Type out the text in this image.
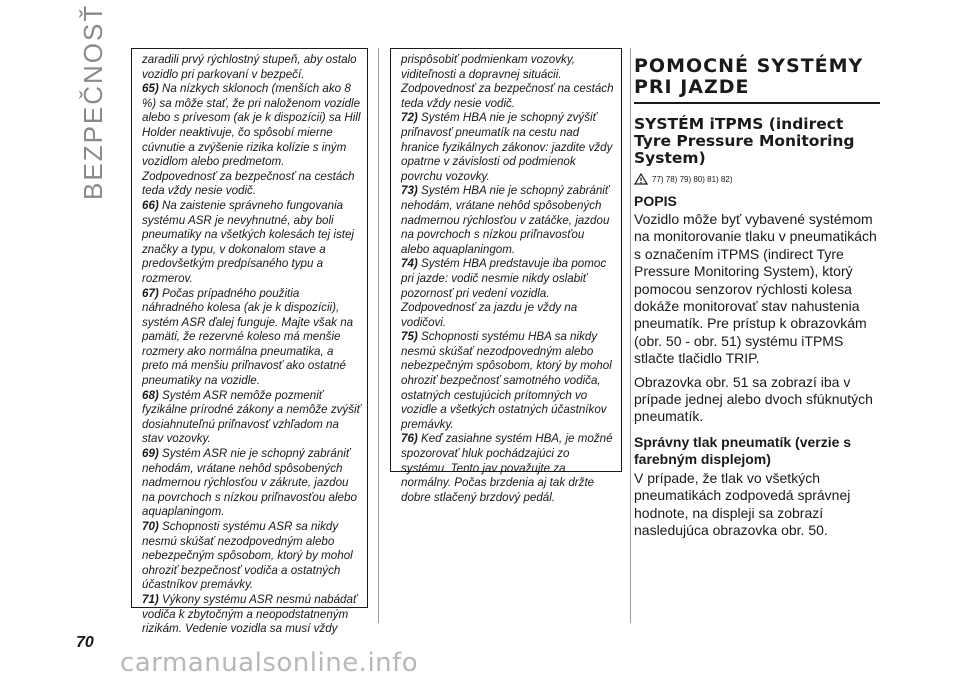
BEZPEČNOSŤ	zaradili prvý rýchlostný stupeň, aby ostalo vozidlo pri parkovaní v bezpečí.

65) Na nízkych sklonoch (menších ako 8 %) sa môže stať, že pri naloženom vozidle alebo s prívesom (ak je k dispozícii) sa Hill Holder neaktivuje, čo spôsobí mierne cúvnutie a zvýšenie rizika kolízie s iným vozidlom alebo predmetom. Zodpovednosť za bezpečnosť na cestách teda vždy nesie vodič.

66) Na zaistenie správneho fungovania systému ASR je nevyhnutné, aby boli pneumatiky na všetkých kolesách tej istej značky a typu, v dokonalom stave a predovšetkým predpísaného typu a rozmerov.

67) Počas prípadného použitia náhradného kolesa (ak je k dispozícii), systém ASR ďalej funguje. Majte však na pamäti, že rezervné koleso má menšie rozmery ako normálna pneumatika, a preto má menšiu priľnavosť ako ostatné pneumatiky na vozidle.

68) Systém ASR nemôže pozmeniť fyzikálne prírodné zákony a nemôže zvýšiť dosiahnuteľnú priľnavosť vzhľadom na stav vozovky.

69) Systém ASR nie je schopný zabrániť nehodám, vrátane nehôd spôsobených nadmernou rýchlosťou v zákrute, jazdou na povrchoch s nízkou priľnavosťou alebo aquaplaningom.

70) Schopnosti systému ASR sa nikdy nesmú skúšať nezodpovedným alebo nebezpečným spôsobom, ktorý by mohol ohroziť bezpečnosť vodiča a ostatných účastníkov premávky.

71) Výkony systému ASR nesmú nabádať vodiča k zbytočným a neopodstatneným rizikám. Vedenie vozidla sa musí vždy

prispôsobiť podmienkam vozovky, viditeľnosti a dopravnej situácii. Zodpovednosť za bezpečnosť na cestách teda vždy nesie vodič.

72) Systém HBA nie je schopný zvýšiť priľnavosť pneumatík na cestu nad hranice fyzikálnych zákonov: jazdite vždy opatrne v závislosti od podmienok povrchu vozovky.

73) Systém HBA nie je schopný zabrániť nehodám, vrátane nehôd spôsobených nadmernou rýchlosťou v zatáčke, jazdou na povrchoch s nízkou priľnavosťou alebo aquaplaningom.

74) Systém HBA predstavuje iba pomoc pri jazde: vodič nesmie nikdy oslabiť pozornosť pri vedení vozidla. Zodpovednosť za jazdu je vždy na vodičovi.

75) Schopnosti systému HBA sa nikdy nesmú skúšať nezodpovedným alebo nebezpečným spôsobom, ktorý by mohol ohroziť bezpečnosť samotného vodiča, ostatných cestujúcich prítomných vo vozidle a všetkých ostatných účastníkov premávky.

76) Keď zasiahne systém HBA, je možné spozorovať hluk pochádzajúci zo systému. Tento jav považujte za normálny. Počas brzdenia aj tak držte dobre stlačený brzdový pedál.

POMOCNÉ SYSTÉMY PRI JAZDE
SYSTÉM iTPMS (indirect Tyre Pressure Monitoring System)
77) 78) 79) 80) 81) 82)
POPIS

Vozidlo môže byť vybavené systémom na monitorovanie tlaku v pneumatikách s označením iTPMS (indirect Tyre Pressure Monitoring System), ktorý pomocou senzorov rýchlosti kolesa dokáže monitorovať stav nahustenia pneumatík. Pre prístup k obrazovkám (obr. 50 - obr. 51) systému iTPMS stlačte tlačidlo TRIP.

Obrazovka obr. 51 sa zobrazí iba v prípade jednej alebo dvoch sfúknutých pneumatík.

Správny tlak pneumatík (verzie s farebným displejom)

V prípade, že tlak vo všetkých pneumatikách zodpovedá správnej hodnote, na displeji sa zobrazí nasledujúca obrazovka obr. 50.

70
carmanualsonline.info
